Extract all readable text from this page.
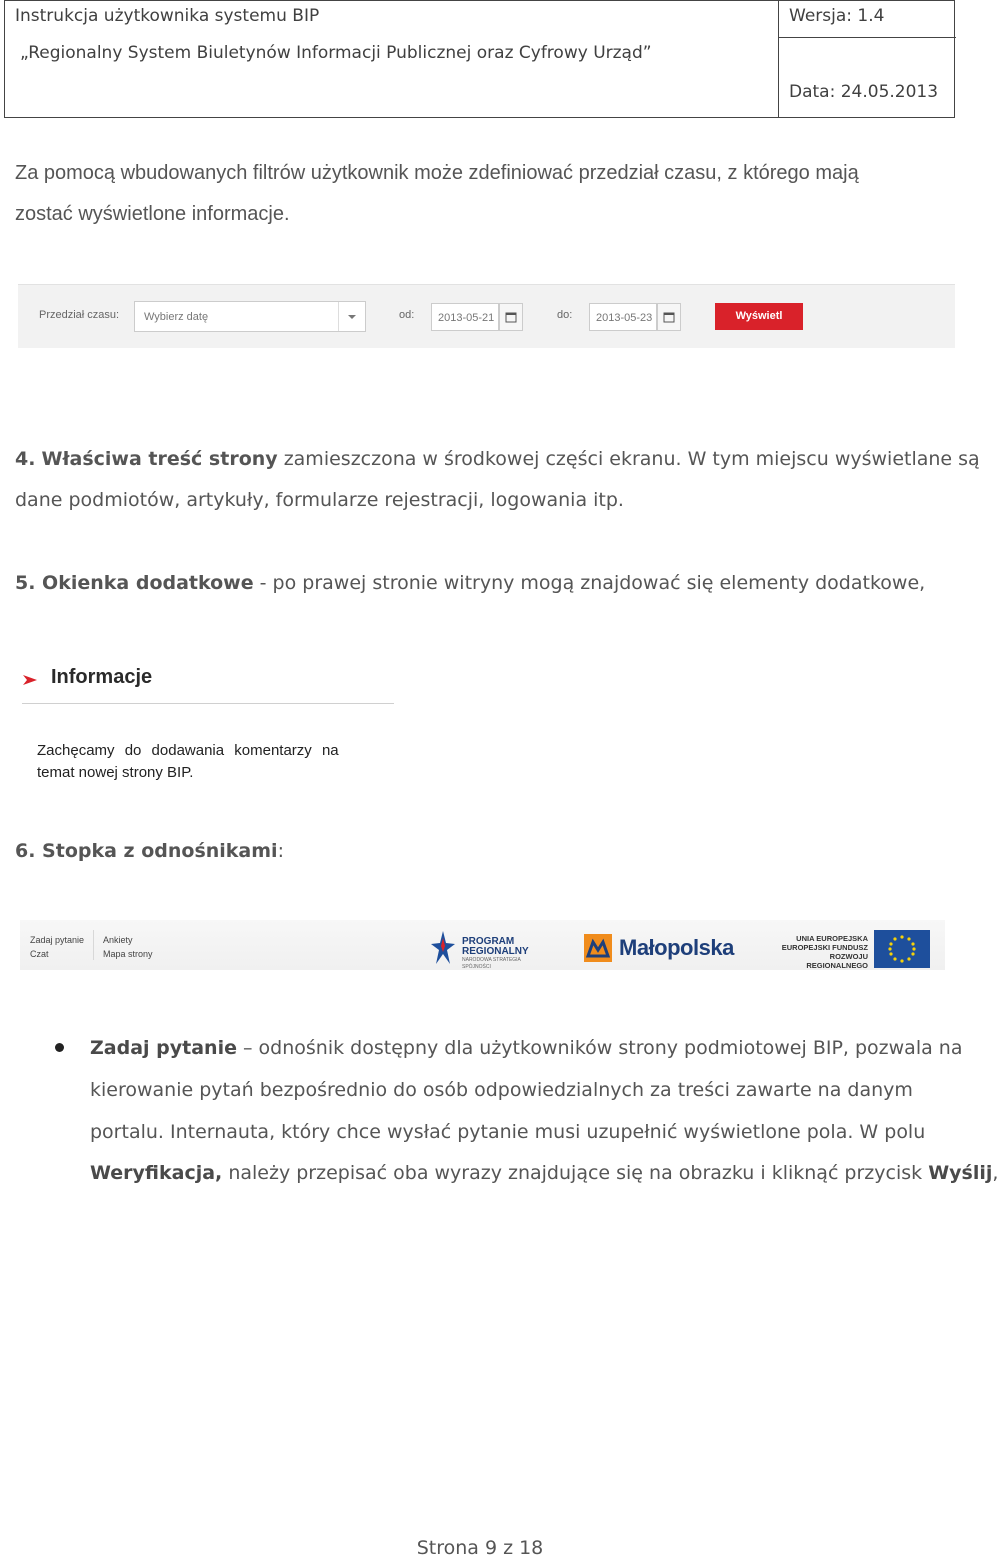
Instrukcja użytkownika systemu BIP
„Regionalny System Biuletynów Informacji Publicznej oraz Cyfrowy Urząd”
Wersja: 1.4
Data: 24.05.2013
Za pomocą wbudowanych filtrów użytkownik może zdefiniować przedział czasu, z którego mają
zostać wyświetlone informacje.
Przedział czasu: Wybierz datę	od: 2013-05-21	do: 2013-05-23	Wyświetl
4. Właściwa treść strony zamieszczona w środkowej części ekranu. W tym miejscu wyświetlane są
dane podmiotów, artykuły, formularze rejestracji, logowania itp.
5. Okienka dodatkowe - po prawej stronie witryny mogą znajdować się elementy dodatkowe,
Informacje
Zachęcamy do dodawania komentarzy na
temat nowej strony BIP.
6. Stopka z odnośnikami:
Zadaj pytanie
Czat
Ankiety
Mapa strony
PROGRAM
REGIONALNY
NARODOWA STRATEGIA SPÓJNOŚCI
Małopolska	UNIA EUROPEJSKA
EUROPEJSKI FUNDUSZ
ROZWOJU REGIONALNEGO
Zadaj pytanie – odnośnik dostępny dla użytkowników strony podmiotowej BIP, pozwala na
kierowanie pytań bezpośrednio do osób odpowiedzialnych za treści zawarte na danym
portalu. Internauta, który chce wysłać pytanie musi uzupełnić wyświetlone pola. W polu
Weryfikacja, należy przepisać oba wyrazy znajdujące się na obrazku i kliknąć przycisk Wyślij,
Strona 9 z 18
